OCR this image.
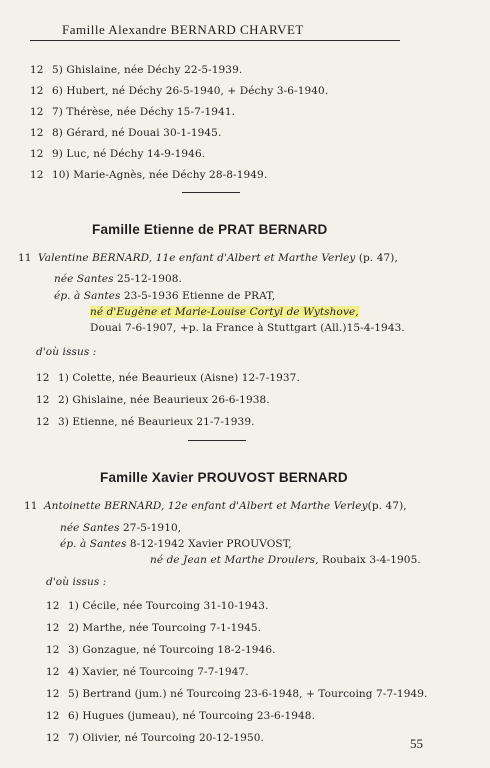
Famille Alexandre BERNARD CHARVET
12 5) Ghislaine, née Déchy 22-5-1939.
12 6) Hubert, né Déchy 26-5-1940, + Déchy 3-6-1940.
12 7) Thérèse, née Déchy 15-7-1941.
12 8) Gérard, né Douai 30-1-1945.
12 9) Luc, né Déchy 14-9-1946.
12 10) Marie-Agnès, née Déchy 28-8-1949.
Famille Etienne de PRAT BERNARD
11 Valentine BERNARD, 11e enfant d'Albert et Marthe Verley (p. 47),
née Santes 25-12-1908.
ép. à Santes 23-5-1936 Etienne de PRAT,
né d'Eugène et Marie-Louise Cortyl de Wytshove,
Douai 7-6-1907, +p. la France à Stuttgart (All.)15-4-1943.
d'où issus :
12 1) Colette, née Beaurieux (Aisne) 12-7-1937.
12 2) Ghislaine, née Beaurieux 26-6-1938.
12 3) Etienne, né Beaurieux 21-7-1939.
Famille Xavier PROUVOST BERNARD
11 Antoinette BERNARD, 12e enfant d'Albert et Marthe Verley(p. 47),
née Santes 27-5-1910,
ép. à Santes 8-12-1942 Xavier PROUVOST,
né de Jean et Marthe Droulers, Roubaix 3-4-1905.
d'où issus :
12 1) Cécile, née Tourcoing 31-10-1943.
12 2) Marthe, née Tourcoing 7-1-1945.
12 3) Gonzague, né Tourcoing 18-2-1946.
12 4) Xavier, né Tourcoing 7-7-1947.
12 5) Bertrand (jum.) né Tourcoing 23-6-1948, + Tourcoing 7-7-1949.
12 6) Hugues (jumeau), né Tourcoing 23-6-1948.
12 7) Olivier, né Tourcoing 20-12-1950.	55
